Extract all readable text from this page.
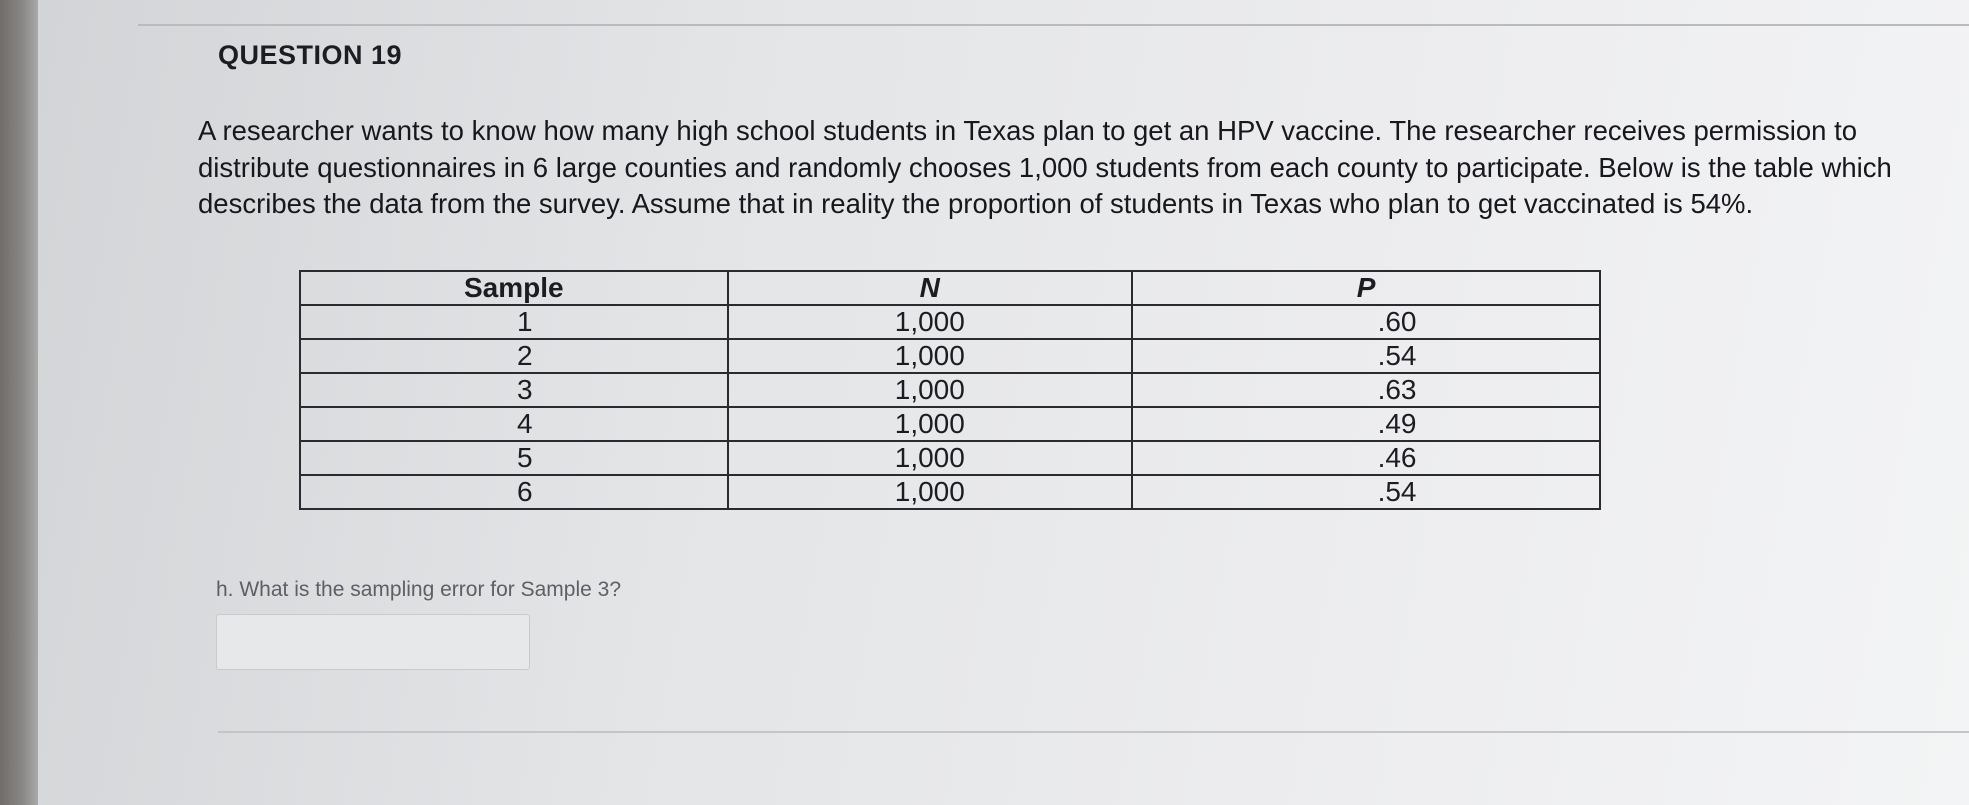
QUESTION 19

A researcher wants to know how many high school students in Texas plan to get an HPV vaccine. The researcher receives permission to distribute questionnaires in 6 large counties and randomly chooses 1,000 students from each county to participate. Below is the table which describes the data from the survey. Assume that in reality the proportion of students in Texas who plan to get vaccinated is 54%.

Sample	N	P
1	1,000	.60
2	1,000	.54
3	1,000	.63
4	1,000	.49
5	1,000	.46
6	1,000	.54
h. What is the sampling error for Sample 3?
